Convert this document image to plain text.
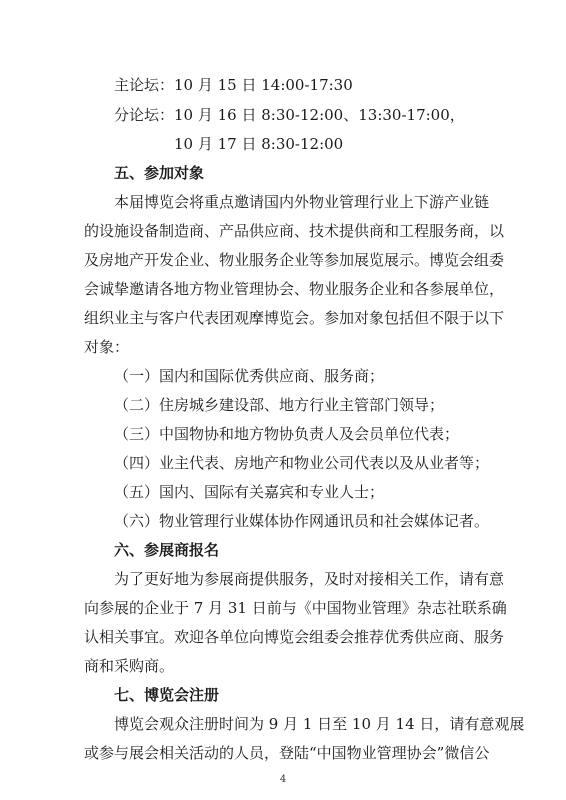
主论坛：10 月 15 日 14:00-17:30
分论坛：10 月 16 日 8:30-12:00、13:30-17:00，
10 月 17 日 8:30-12:00
五、参加对象
本届博览会将重点邀请国内外物业管理行业上下游产业链
的设施设备制造商、产品供应商、技术提供商和工程服务商，以
及房地产开发企业、物业服务企业等参加展览展示。博览会组委
会诚挚邀请各地方物业管理协会、物业服务企业和各参展单位，
组织业主与客户代表团观摩博览会。参加对象包括但不限于以下
对象：
（一）国内和国际优秀供应商、服务商；
（二）住房城乡建设部、地方行业主管部门领导；
（三）中国物协和地方物协负责人及会员单位代表；
（四）业主代表、房地产和物业公司代表以及从业者等；
（五）国内、国际有关嘉宾和专业人士；
（六）物业管理行业媒体协作网通讯员和社会媒体记者。
六、参展商报名
为了更好地为参展商提供服务，及时对接相关工作，请有意
向参展的企业于 7 月 31 日前与《中国物业管理》杂志社联系确
认相关事宜。欢迎各单位向博览会组委会推荐优秀供应商、服务
商和采购商。
七、博览会注册
博览会观众注册时间为 9 月 1 日至 10 月 14 日，请有意观展
或参与展会相关活动的人员，登陆“中国物业管理协会”微信公
4
